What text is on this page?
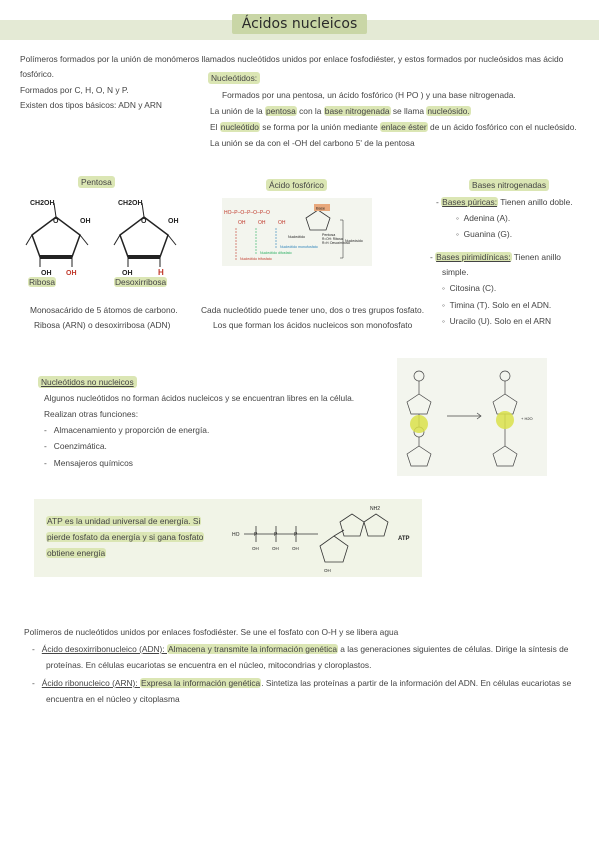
Ácidos nucleicos
Polímeros formados por la unión de monómeros llamados nucleótidos unidos por enlace fosfodiéster, y estos formados por nucleósidos mas ácido
fosfórico.
Formados por C, H, O, N y P.
Existen dos tipos básicos: ADN y ARN
Nucleótidos:
Formados por una pentosa, un ácido fosfórico (H PO ) y una base nitrogenada.
La unión de la pentosa con la base nitrogenada se llama nucleósido.
El nucleótido se forma por la unión mediante enlace éster de un ácido fosfórico con el nucleósido.
La unión se da con el -OH del carbono 5' de la pentosa
Pentosa
CH2OH
O	OH
OH OH
CH2OH
O	OH
OH	H
Ribosa	Desoxirribosa
Monosacárido de 5 átomos de carbono.
Ribosa (ARN) o desoxirribosa (ADN)
Ácido fosfórico
HO–P–O–P–O–P–O
OH	OH	OH
Base
Pentosa
R=OH: Ribosa
R=H: Desoxirribosa
Nucleótido
Nucleótido monofosfato
Nucleótido difosfato
Nucleótido trifosfato
Nucleósido
Cada nucleótido puede tener uno, dos o tres grupos fosfato.
Los que forman los ácidos nucleicos son monofosfato
Bases nitrogenadas
- Bases púricas: Tienen anillo doble.
◦  Adenina (A).
◦  Guanina (G).
- Bases pirimidínicas: Tienen anillo
simple.
◦  Citosina (C).
◦  Timina (T). Solo en el ADN.
◦  Uracilo (U). Solo en el ARN
Nucleótidos no nucleicos
Algunos nucleótidos no forman ácidos nucleicos y se encuentran libres en la célula.
Realizan otras funciones:
-   Almacenamiento y proporción de energía.
-   Coenzimática.
-   Mensajeros químicos
+ H2O
ATP es la unidad universal de energía. Si
pierde fosfato da energía y si gana fosfato
obtiene energía
HO	P	P	P
OH	OH	OH
NH2
OH
ATP
Polímeros de nucleótidos unidos por enlaces fosfodiéster. Se une el fosfato con O-H y se libera agua
-   Ácido desoxirribonucleico (ADN): Almacena y transmite la información genética a las generaciones siguientes de células. Dirige la síntesis de
proteínas. En células eucariotas se encuentra en el núcleo, mitocondrias y cloroplastos.
-   Ácido ribonucleico (ARN): Expresa la información genética. Sintetiza las proteínas a partir de la información del ADN. En células eucariotas se
encuentra en el núcleo y citoplasma
